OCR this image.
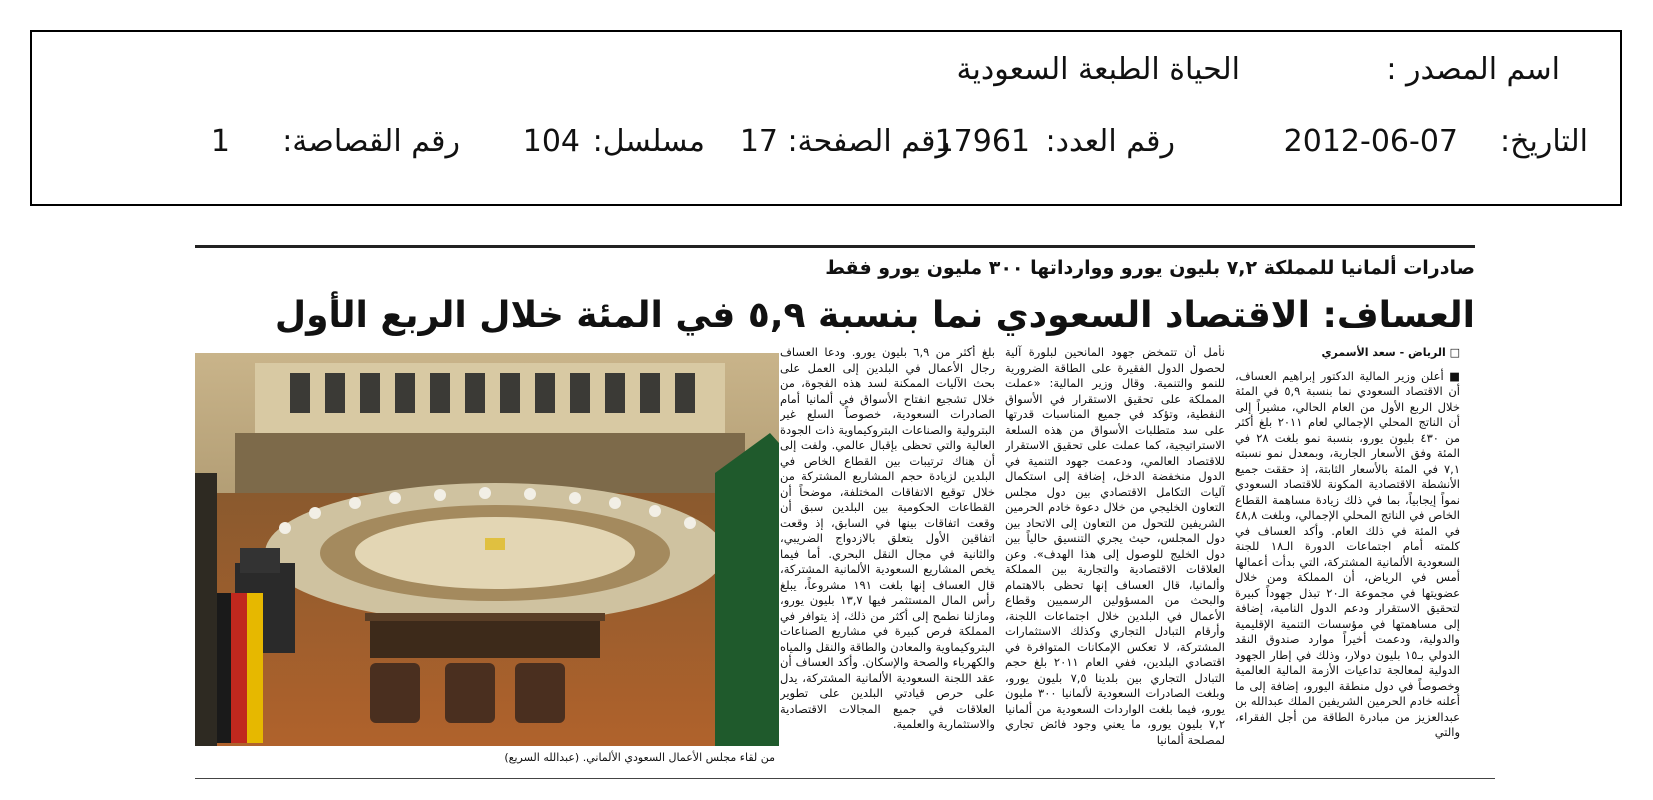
اسم المصدر :
الحياة الطبعة السعودية
التاريخ:
2012-06-07
رقم العدد:
17961
رقم الصفحة:
17
مسلسل:
104
رقم القصاصة:
1
صادرات ألمانيا للمملكة ٧,٢ بليون يورو ووارداتها ٣٠٠ مليون يورو فقط
العساف: الاقتصاد السعودي نما بنسبة ٥,٩ في المئة خلال الربع الأول
□ الرياض - سعد الأسمري

■ أعلن وزير المالية الدكتور إبراهيم العساف، أن الاقتصاد السعودي نما بنسبة ٥,٩ في المئة خلال الربع الأول من العام الحالي، مشيراً إلى أن الناتج المحلي الإجمالي لعام ٢٠١١ بلغ أكثر من ٤٣٠ بليون يورو، بنسبة نمو بلغت ٢٨ في المئة وفق الأسعار الجارية، وبمعدل نمو نسبته ٧,١ في المئة بالأسعار الثابتة، إذ حققت جميع الأنشطة الاقتصادية المكونة للاقتصاد السعودي نمواً إيجابياً، بما في ذلك زيادة مساهمة القطاع الخاص في الناتج المحلي الإجمالي، وبلغت ٤٨,٨ في المئة في ذلك العام. وأكد العساف في كلمته أمام اجتماعات الدورة الـ١٨ للجنة السعودية الألمانية المشتركة، التي بدأت أعمالها أمس في الرياض، أن المملكة ومن خلال عضويتها في مجموعة الـ٢٠ تبذل جهوداً كبيرة لتحقيق الاستقرار ودعم الدول النامية، إضافة إلى مساهمتها في مؤسسات التنمية الإقليمية والدولية، ودعمت أخيراً موارد صندوق النقد الدولي بـ١٥ بليون دولار، وذلك في إطار الجهود الدولية لمعالجة تداعيات الأزمة المالية العالمية وخصوصاً في دول منطقة اليورو، إضافة إلى ما أعلنه خادم الحرمين الشريفين الملك عبدالله بن عبدالعزيز من مبادرة الطاقة من أجل الفقراء، والتي

نأمل أن تتمخض جهود المانحين لبلورة آلية لحصول الدول الفقيرة على الطاقة الضرورية للنمو والتنمية. وقال وزير المالية: «عملت المملكة على تحقيق الاستقرار في الأسواق النفطية، وتؤكد في جميع المناسبات قدرتها على سد متطلبات الأسواق من هذه السلعة الاستراتيجية، كما عملت على تحقيق الاستقرار للاقتصاد العالمي، ودعمت جهود التنمية في الدول منخفضة الدخل، إضافة إلى استكمال آليات التكامل الاقتصادي بين دول مجلس التعاون الخليجي من خلال دعوة خادم الحرمين الشريفين للتحول من التعاون إلى الاتحاد بين دول المجلس، حيث يجري التنسيق حالياً بين دول الخليج للوصول إلى هذا الهدف». وعن العلاقات الاقتصادية والتجارية بين المملكة وألمانيا، قال العساف إنها تحظى بالاهتمام والبحث من المسؤولين الرسميين وقطاع الأعمال في البلدين خلال اجتماعات اللجنة، وأرقام التبادل التجاري وكذلك الاستثمارات المشتركة، لا تعكس الإمكانات المتوافرة في اقتصادي البلدين، ففي العام ٢٠١١ بلغ حجم التبادل التجاري بين بلدينا ٧,٥ بليون يورو، وبلغت الصادرات السعودية لألمانيا ٣٠٠ مليون يورو، فيما بلغت الواردات السعودية من ألمانيا ٧,٢ بليون يورو، ما يعني وجود فائض تجاري لمصلحة ألمانيا

بلغ أكثر من ٦,٩ بليون يورو. ودعا العساف رجال الأعمال في البلدين إلى العمل على بحث الآليات الممكنة لسد هذه الفجوة، من خلال تشجيع انفتاح الأسواق في ألمانيا أمام الصادرات السعودية، خصوصاً السلع غير البترولية والصناعات البتروكيماوية ذات الجودة العالية والتي تحظى بإقبال عالمي. ولفت إلى أن هناك ترتيبات بين القطاع الخاص في البلدين لزيادة حجم المشاريع المشتركة من خلال توقيع الاتفاقات المختلفة، موضحاً أن القطاعات الحكومية بين البلدين سبق أن وقعت اتفاقات بينها في السابق، إذ وقعت اتفاقين الأول يتعلق بالازدواج الضريبي، والثانية في مجال النقل البحري. أما فيما يخص المشاريع السعودية الألمانية المشتركة، قال العساف إنها بلغت ١٩١ مشروعاً، يبلغ رأس المال المستثمر فيها ١٣,٧ بليون يورو، ومازلنا نطمح إلى أكثر من ذلك، إذ يتوافر في المملكة فرص كبيرة في مشاريع الصناعات البتروكيماوية والمعادن والطاقة والنقل والمياه والكهرباء والصحة والإسكان. وأكد العساف أن عقد اللجنة السعودية الألمانية المشتركة، يدل على حرص قيادتي البلدين على تطوير العلاقات في جميع المجالات الاقتصادية والاستثمارية والعلمية.

من لقاء مجلس الأعمال السعودي الألماني. (عبدالله السريع)
